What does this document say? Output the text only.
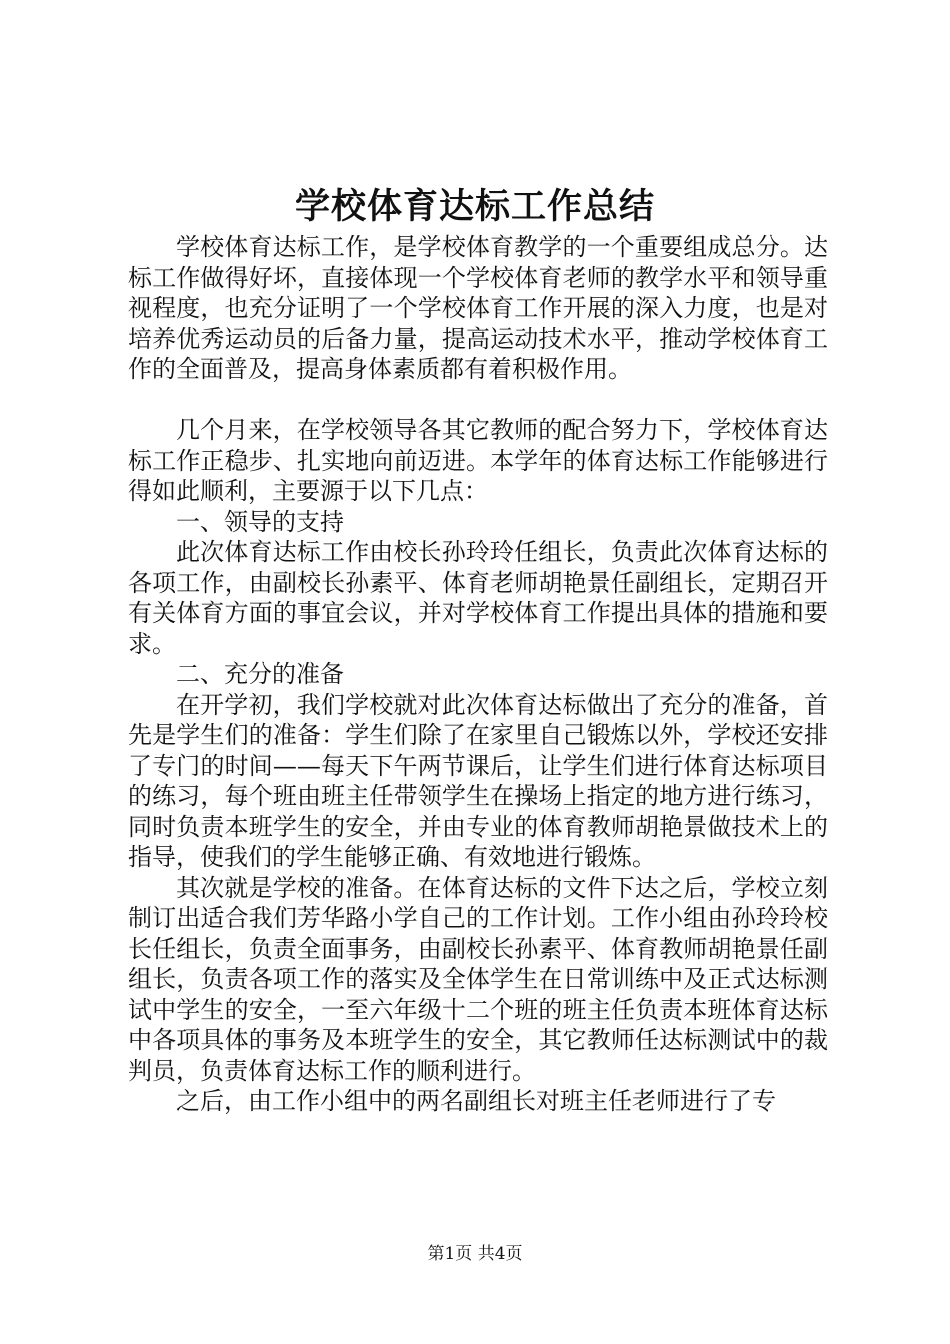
学校体育达标工作总结

学校体育达标工作，是学校体育教学的一个重要组成总分。达标工作做得好坏，直接体现一个学校体育老师的教学水平和领导重视程度，也充分证明了一个学校体育工作开展的深入力度，也是对培养优秀运动员的后备力量，提高运动技术水平，推动学校体育工作的全面普及，提高身体素质都有着积极作用。

几个月来，在学校领导各其它教师的配合努力下，学校体育达标工作正稳步、扎实地向前迈进。本学年的体育达标工作能够进行得如此顺利，主要源于以下几点：

一、领导的支持

此次体育达标工作由校长孙玲玲任组长，负责此次体育达标的各项工作，由副校长孙素平、体育老师胡艳景任副组长，定期召开有关体育方面的事宜会议，并对学校体育工作提出具体的措施和要求。

二、充分的准备

在开学初，我们学校就对此次体育达标做出了充分的准备，首先是学生们的准备：学生们除了在家里自己锻炼以外，学校还安排了专门的时间——每天下午两节课后，让学生们进行体育达标项目的练习，每个班由班主任带领学生在操场上指定的地方进行练习，同时负责本班学生的安全，并由专业的体育教师胡艳景做技术上的指导，使我们的学生能够正确、有效地进行锻炼。

其次就是学校的准备。在体育达标的文件下达之后，学校立刻制订出适合我们芳华路小学自己的工作计划。工作小组由孙玲玲校长任组长，负责全面事务，由副校长孙素平、体育教师胡艳景任副组长，负责各项工作的落实及全体学生在日常训练中及正式达标测试中学生的安全，一至六年级十二个班的班主任负责本班体育达标中各项具体的事务及本班学生的安全，其它教师任达标测试中的裁判员，负责体育达标工作的顺利进行。

之后，由工作小组中的两名副组长对班主任老师进行了专

第1页 共4页
